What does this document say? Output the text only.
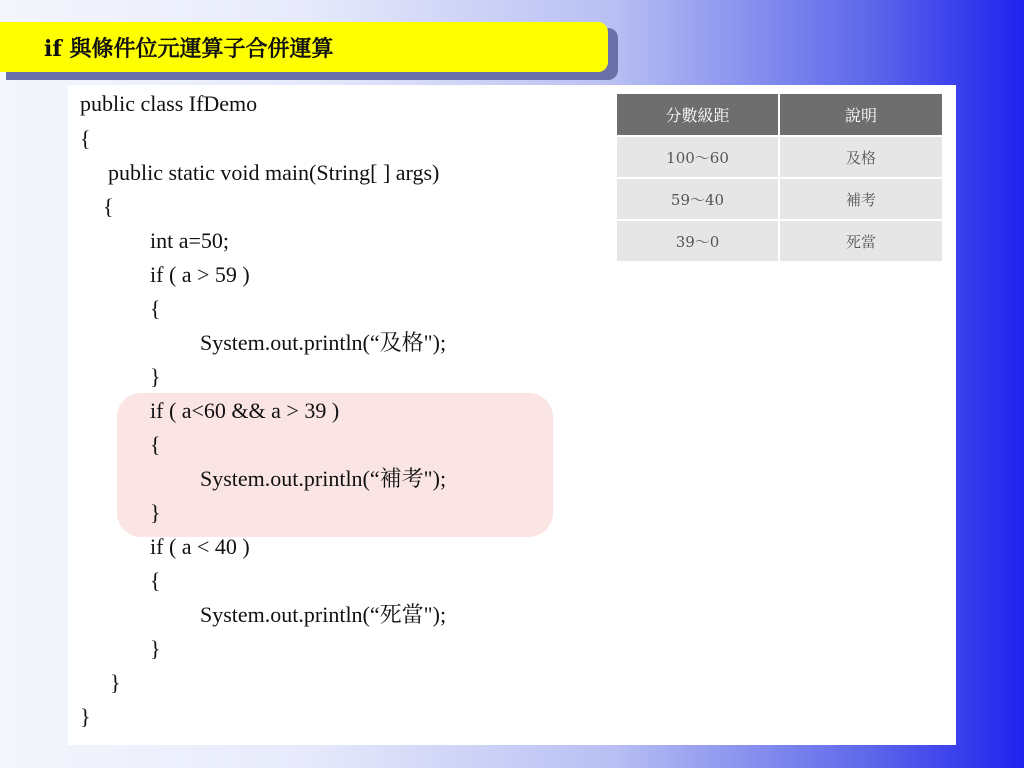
if 與條件位元運算子合併運算
public class IfDemo
{
public static void main(String[ ] args)
{
int a=50;
if ( a > 59 )
{
System.out.println(“及格");
}
if ( a<60 && a > 39 )
{
System.out.println(“補考");
}
if ( a < 40 )
{
System.out.println(“死當");
}
}
}
分數級距	說明
100～60	及格
59～40	補考
39～0	死當
